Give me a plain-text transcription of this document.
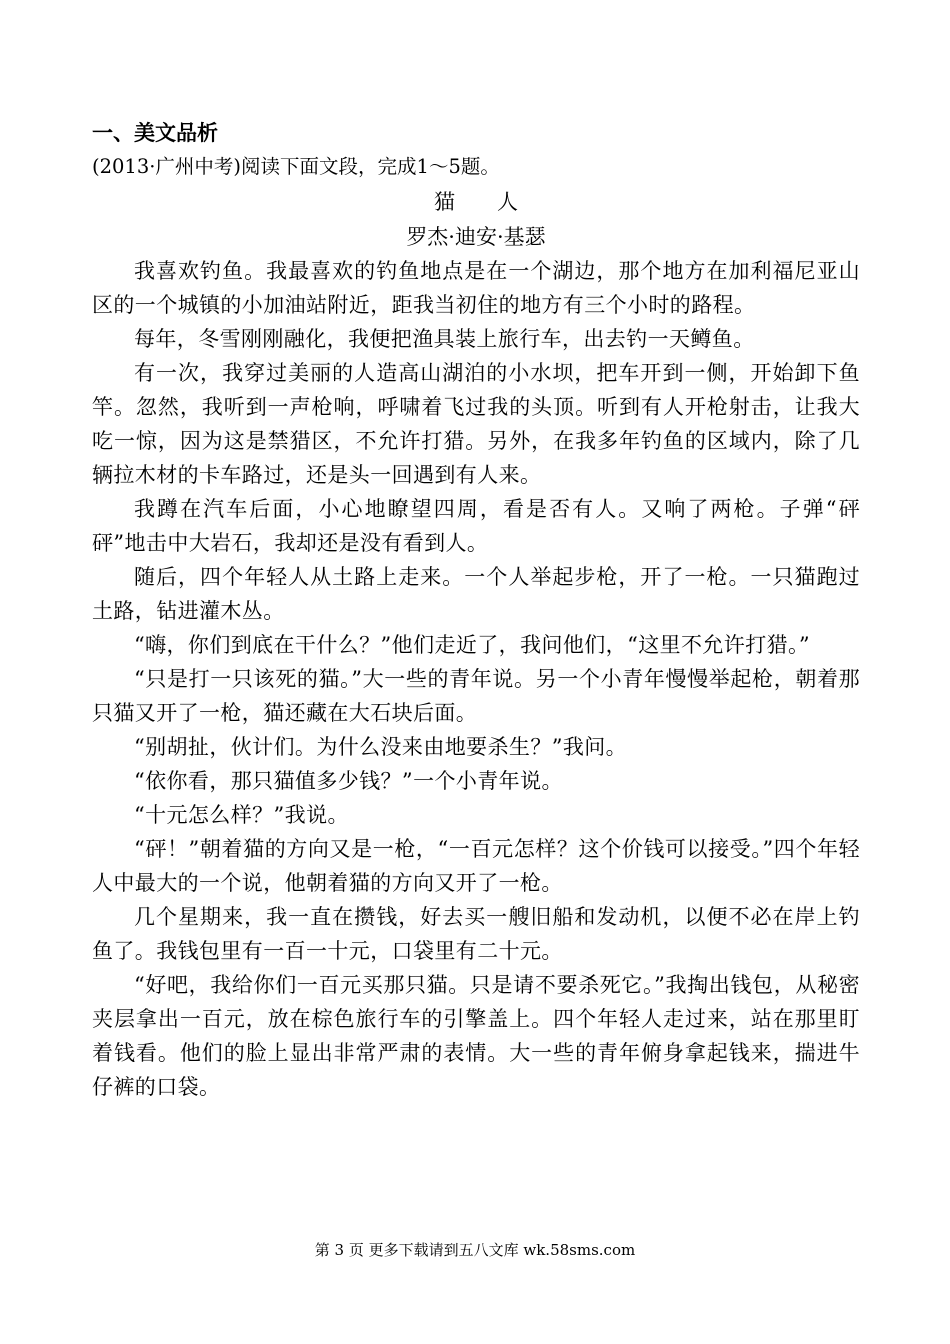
一、美文品析

(2013·广州中考)阅读下面文段，完成1～5题。

猫　　人

罗杰·迪安·基瑟

我喜欢钓鱼。我最喜欢的钓鱼地点是在一个湖边，那个地方在加利福尼亚山区的一个城镇的小加油站附近，距我当初住的地方有三个小时的路程。

每年，冬雪刚刚融化，我便把渔具装上旅行车，出去钓一天鳟鱼。

有一次，我穿过美丽的人造高山湖泊的小水坝，把车开到一侧，开始卸下鱼竿。忽然，我听到一声枪响，呼啸着飞过我的头顶。听到有人开枪射击，让我大吃一惊，因为这是禁猎区，不允许打猎。另外，在我多年钓鱼的区域内，除了几辆拉木材的卡车路过，还是头一回遇到有人来。

我蹲在汽车后面，小心地瞭望四周，看是否有人。又响了两枪。子弹“砰砰”地击中大岩石，我却还是没有看到人。

随后，四个年轻人从土路上走来。一个人举起步枪，开了一枪。一只猫跑过土路，钻进灌木丛。

“嗨，你们到底在干什么？”他们走近了，我问他们，“这里不允许打猎。”

“只是打一只该死的猫。”大一些的青年说。另一个小青年慢慢举起枪，朝着那只猫又开了一枪，猫还藏在大石块后面。

“别胡扯，伙计们。为什么没来由地要杀生？”我问。

“依你看，那只猫值多少钱？”一个小青年说。

“十元怎么样？”我说。

“砰！”朝着猫的方向又是一枪，“一百元怎样？这个价钱可以接受。”四个年轻人中最大的一个说，他朝着猫的方向又开了一枪。

几个星期来，我一直在攒钱，好去买一艘旧船和发动机，以便不必在岸上钓鱼了。我钱包里有一百一十元，口袋里有二十元。

“好吧，我给你们一百元买那只猫。只是请不要杀死它。”我掏出钱包，从秘密夹层拿出一百元，放在棕色旅行车的引擎盖上。四个年轻人走过来，站在那里盯着钱看。他们的脸上显出非常严肃的表情。大一些的青年俯身拿起钱来，揣进牛仔裤的口袋。

第 3 页 更多下载请到五八文库 wk.58sms.com
